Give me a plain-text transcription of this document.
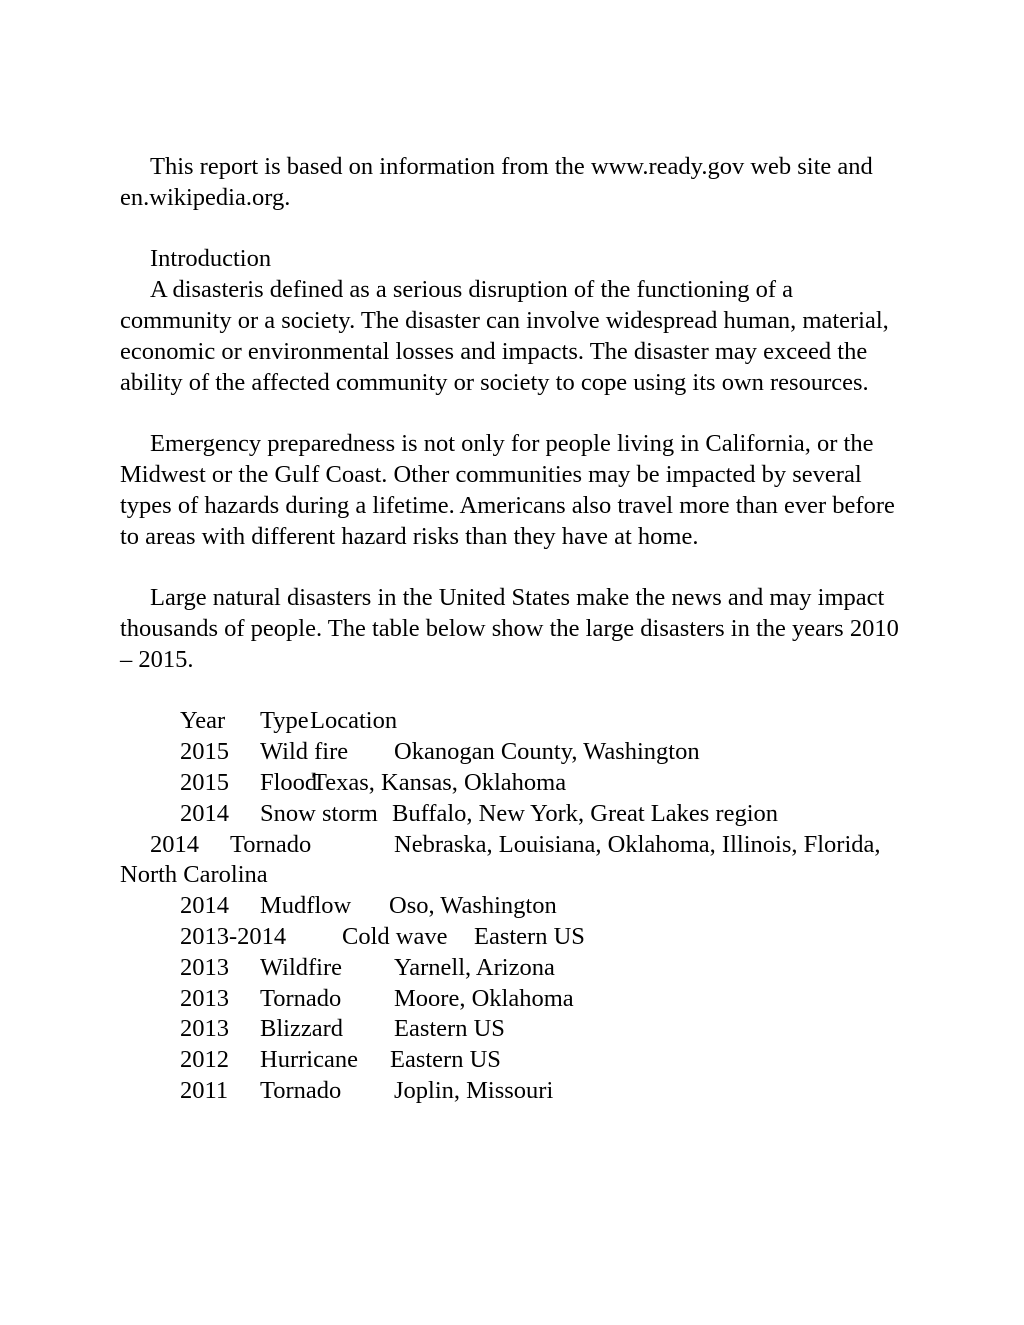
This report is based on information from the www.ready.gov web site and en.wikipedia.org.

Introduction

A disasteris defined as a serious disruption of the functioning of a community or a society. The disaster can involve widespread human, material, economic or environmental losses and impacts. The disaster may exceed the ability of the affected community or society to cope using its own resources.

Emergency preparedness is not only for people living in California, or the Midwest or the Gulf Coast. Other communities may be impacted by several types of hazards during a lifetime. Americans also travel more than ever before to areas with different hazard risks than they have at home.

Large natural disasters in the United States make the news and may impact thousands of people. The table below show the large disasters in the years 2010 – 2015.

Year TypeLocation

2015 Wild fire Okanogan County, Washington

2015 FloodTexas, Kansas, Oklahoma

2014 Snow storm Buffalo, New York, Great Lakes region

2014 Tornado	Nebraska, Louisiana, Oklahoma, Illinois, Florida, North Carolina

2014 Mudflow Oso, Washington

2013-2014 Cold wave Eastern US

2013 Wildfire Yarnell, Arizona

2013 Tornado Moore, Oklahoma

2013 Blizzard Eastern US

2012 Hurricane Eastern US

2011 Tornado Joplin, Missouri
